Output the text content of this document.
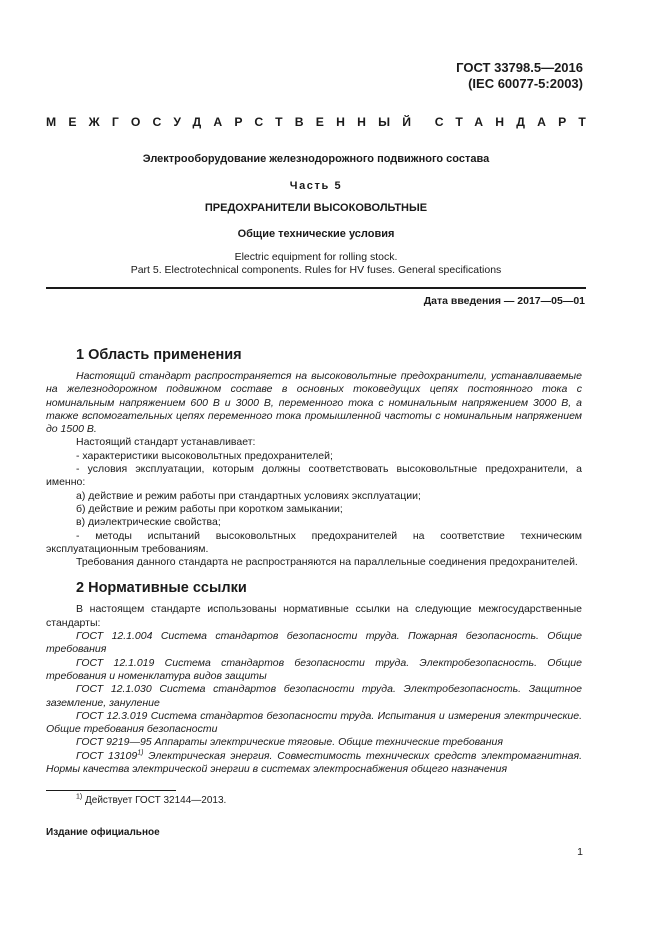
ГОСТ 33798.5—2016
(IEC 60077-5:2003)
МЕЖГОСУДАРСТВЕННЫЙ СТАНДАРТ
Электрооборудование железнодорожного подвижного состава
Часть 5
ПРЕДОХРАНИТЕЛИ ВЫСОКОВОЛЬТНЫЕ
Общие технические условия
Electric equipment for rolling stock.
Part 5. Electrotechnical components. Rules for HV fuses. General specifications
Дата введения — 2017—05—01
1 Область применения

Настоящий стандарт распространяется на высоковольтные предохранители, устанавливаемые на железнодорожном подвижном составе в основных токоведущих цепях постоянного тока с номинальным напряжением 600 В и 3000 В, переменного тока с номинальным напряжением 3000 В, а также вспомогательных цепях переменного тока промышленной частоты с номинальным напряжением до 1500 В.

Настоящий стандарт устанавливает:

- характеристики высоковольтных предохранителей;

- условия эксплуатации, которым должны соответствовать высоковольтные предохранители, а именно:

а) действие и режим работы при стандартных условиях эксплуатации;

б) действие и режим работы при коротком замыкании;

в) диэлектрические свойства;

- методы испытаний высоковольтных предохранителей на соответствие техническим эксплуатационным требованиям.

Требования данного стандарта не распространяются на параллельные соединения предохранителей.

2 Нормативные ссылки

В настоящем стандарте использованы нормативные ссылки на следующие межгосударственные стандарты:

ГОСТ 12.1.004 Система стандартов безопасности труда. Пожарная безопасность. Общие требования

ГОСТ 12.1.019 Система стандартов безопасности труда. Электробезопасность. Общие требования и номенклатура видов защиты

ГОСТ 12.1.030 Система стандартов безопасности труда. Электробезопасность. Защитное заземление, зануление

ГОСТ 12.3.019 Система стандартов безопасности труда. Испытания и измерения электрические. Общие требования безопасности

ГОСТ 9219—95 Аппараты электрические тяговые. Общие технические требования

ГОСТ 13109$^{1)}$ Электрическая энергия. Совместимость технических средств электромагнитная. Нормы качества электрической энергии в системах электроснабжения общего назначения

$^{1)}$ Действует ГОСТ 32144—2013.
Издание официальное
1
